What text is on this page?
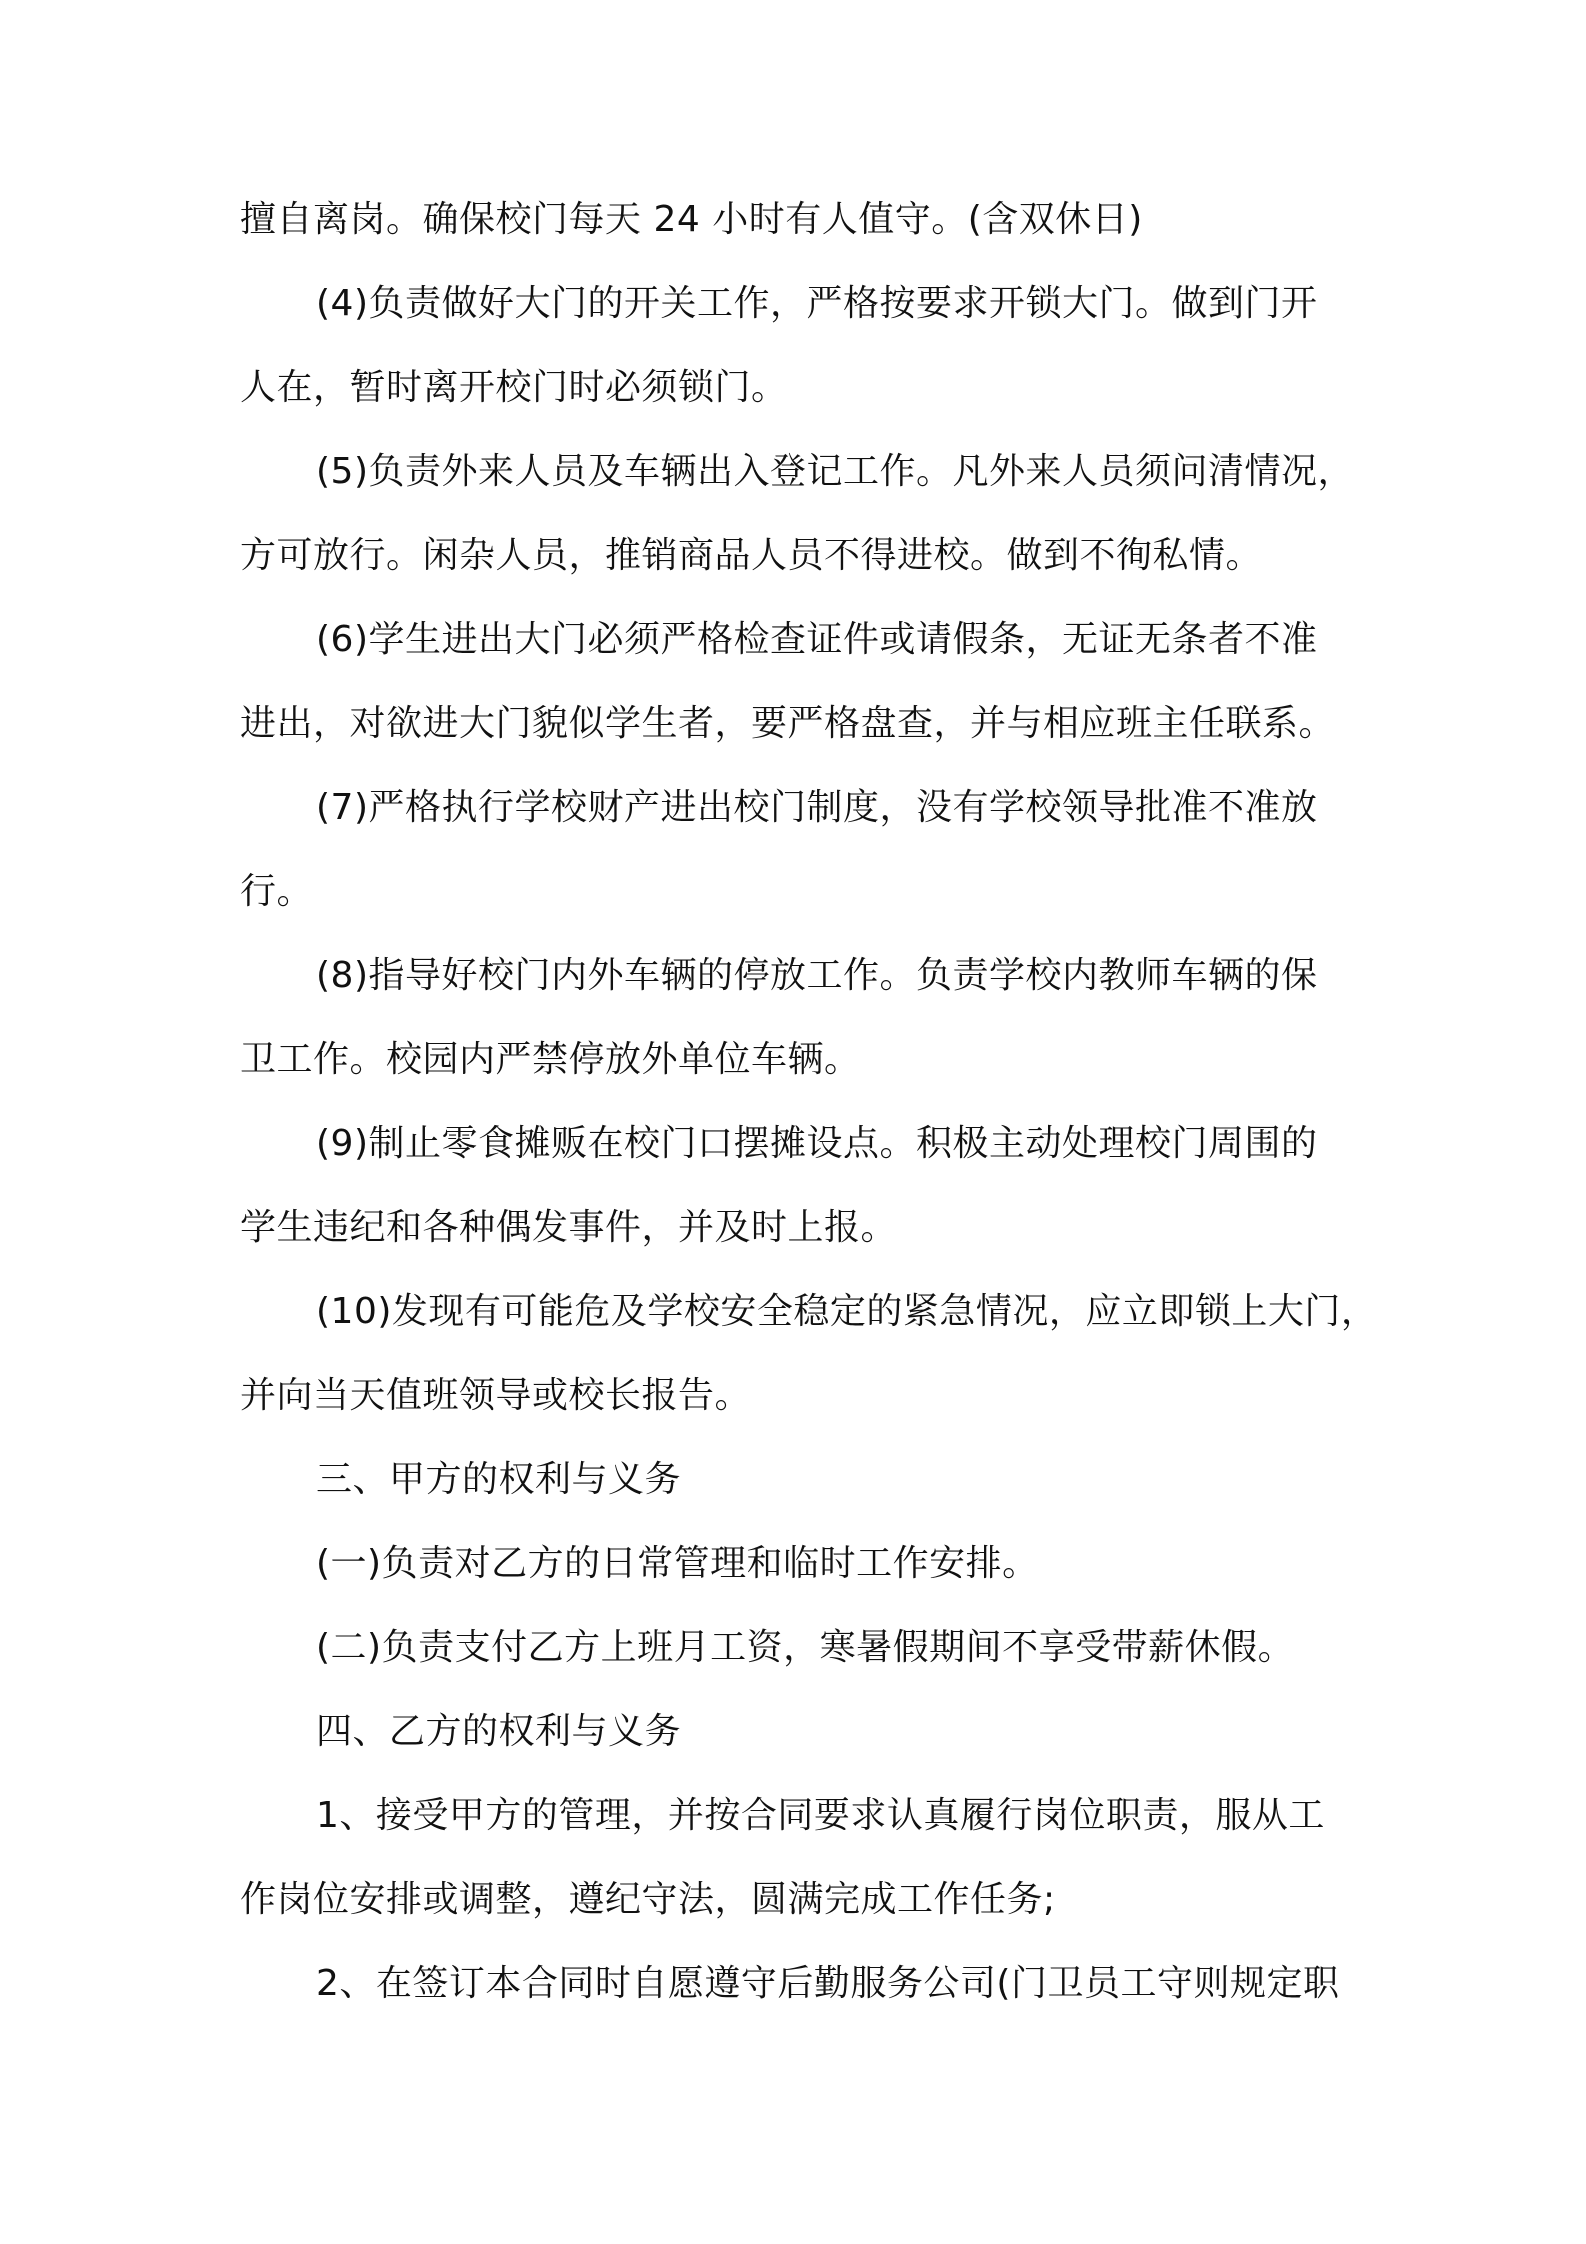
擅自离岗。确保校门每天 24 小时有人值守。(含双休日)
(4)负责做好大门的开关工作，严格按要求开锁大门。做到门开
人在，暂时离开校门时必须锁门。
(5)负责外来人员及车辆出入登记工作。凡外来人员须问清情况，
方可放行。闲杂人员，推销商品人员不得进校。做到不徇私情。
(6)学生进出大门必须严格检查证件或请假条，无证无条者不准
进出，对欲进大门貌似学生者，要严格盘查，并与相应班主任联系。
(7)严格执行学校财产进出校门制度，没有学校领导批准不准放
行。
(8)指导好校门内外车辆的停放工作。负责学校内教师车辆的保
卫工作。校园内严禁停放外单位车辆。
(9)制止零食摊贩在校门口摆摊设点。积极主动处理校门周围的
学生违纪和各种偶发事件，并及时上报。
(10)发现有可能危及学校安全稳定的紧急情况，应立即锁上大门，
并向当天值班领导或校长报告。
三、甲方的权利与义务
(一)负责对乙方的日常管理和临时工作安排。
(二)负责支付乙方上班月工资，寒暑假期间不享受带薪休假。
四、乙方的权利与义务
1、接受甲方的管理，并按合同要求认真履行岗位职责，服从工
作岗位安排或调整，遵纪守法，圆满完成工作任务;
2、在签订本合同时自愿遵守后勤服务公司(门卫员工守则规定职
